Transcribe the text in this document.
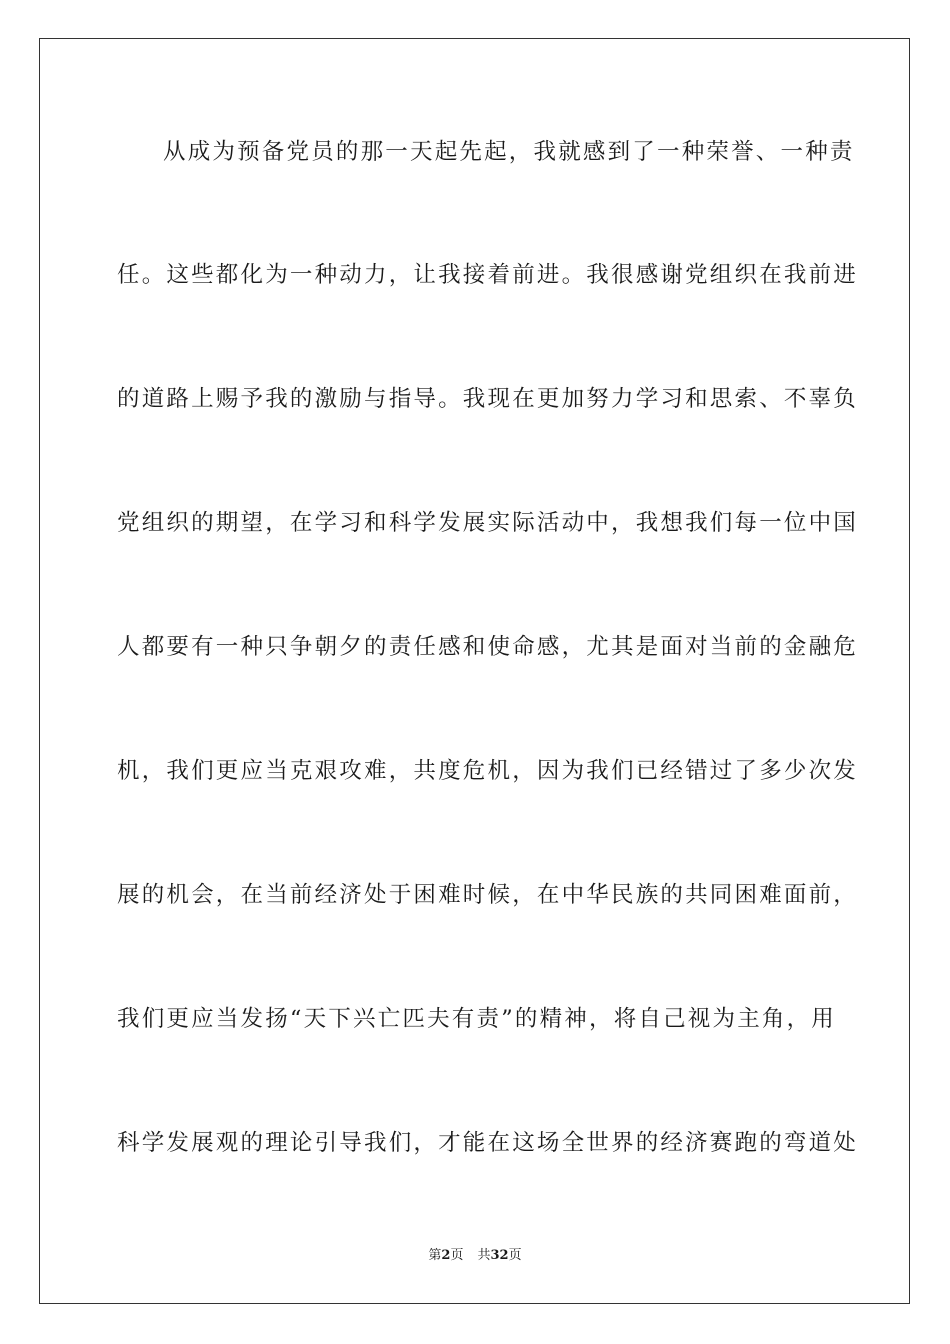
从成为预备党员的那一天起先起，我就感到了一种荣誉、一种责
任。这些都化为一种动力，让我接着前进。我很感谢党组织在我前进
的道路上赐予我的激励与指导。我现在更加努力学习和思索、不辜负
党组织的期望，在学习和科学发展实际活动中，我想我们每一位中国
人都要有一种只争朝夕的责任感和使命感，尤其是面对当前的金融危
机，我们更应当克艰攻难，共度危机，因为我们已经错过了多少次发
展的机会，在当前经济处于困难时候，在中华民族的共同困难面前，
我们更应当发扬“天下兴亡匹夫有责”的精神，将自己视为主角，用
科学发展观的理论引导我们，才能在这场全世界的经济赛跑的弯道处
第2页 共32页
